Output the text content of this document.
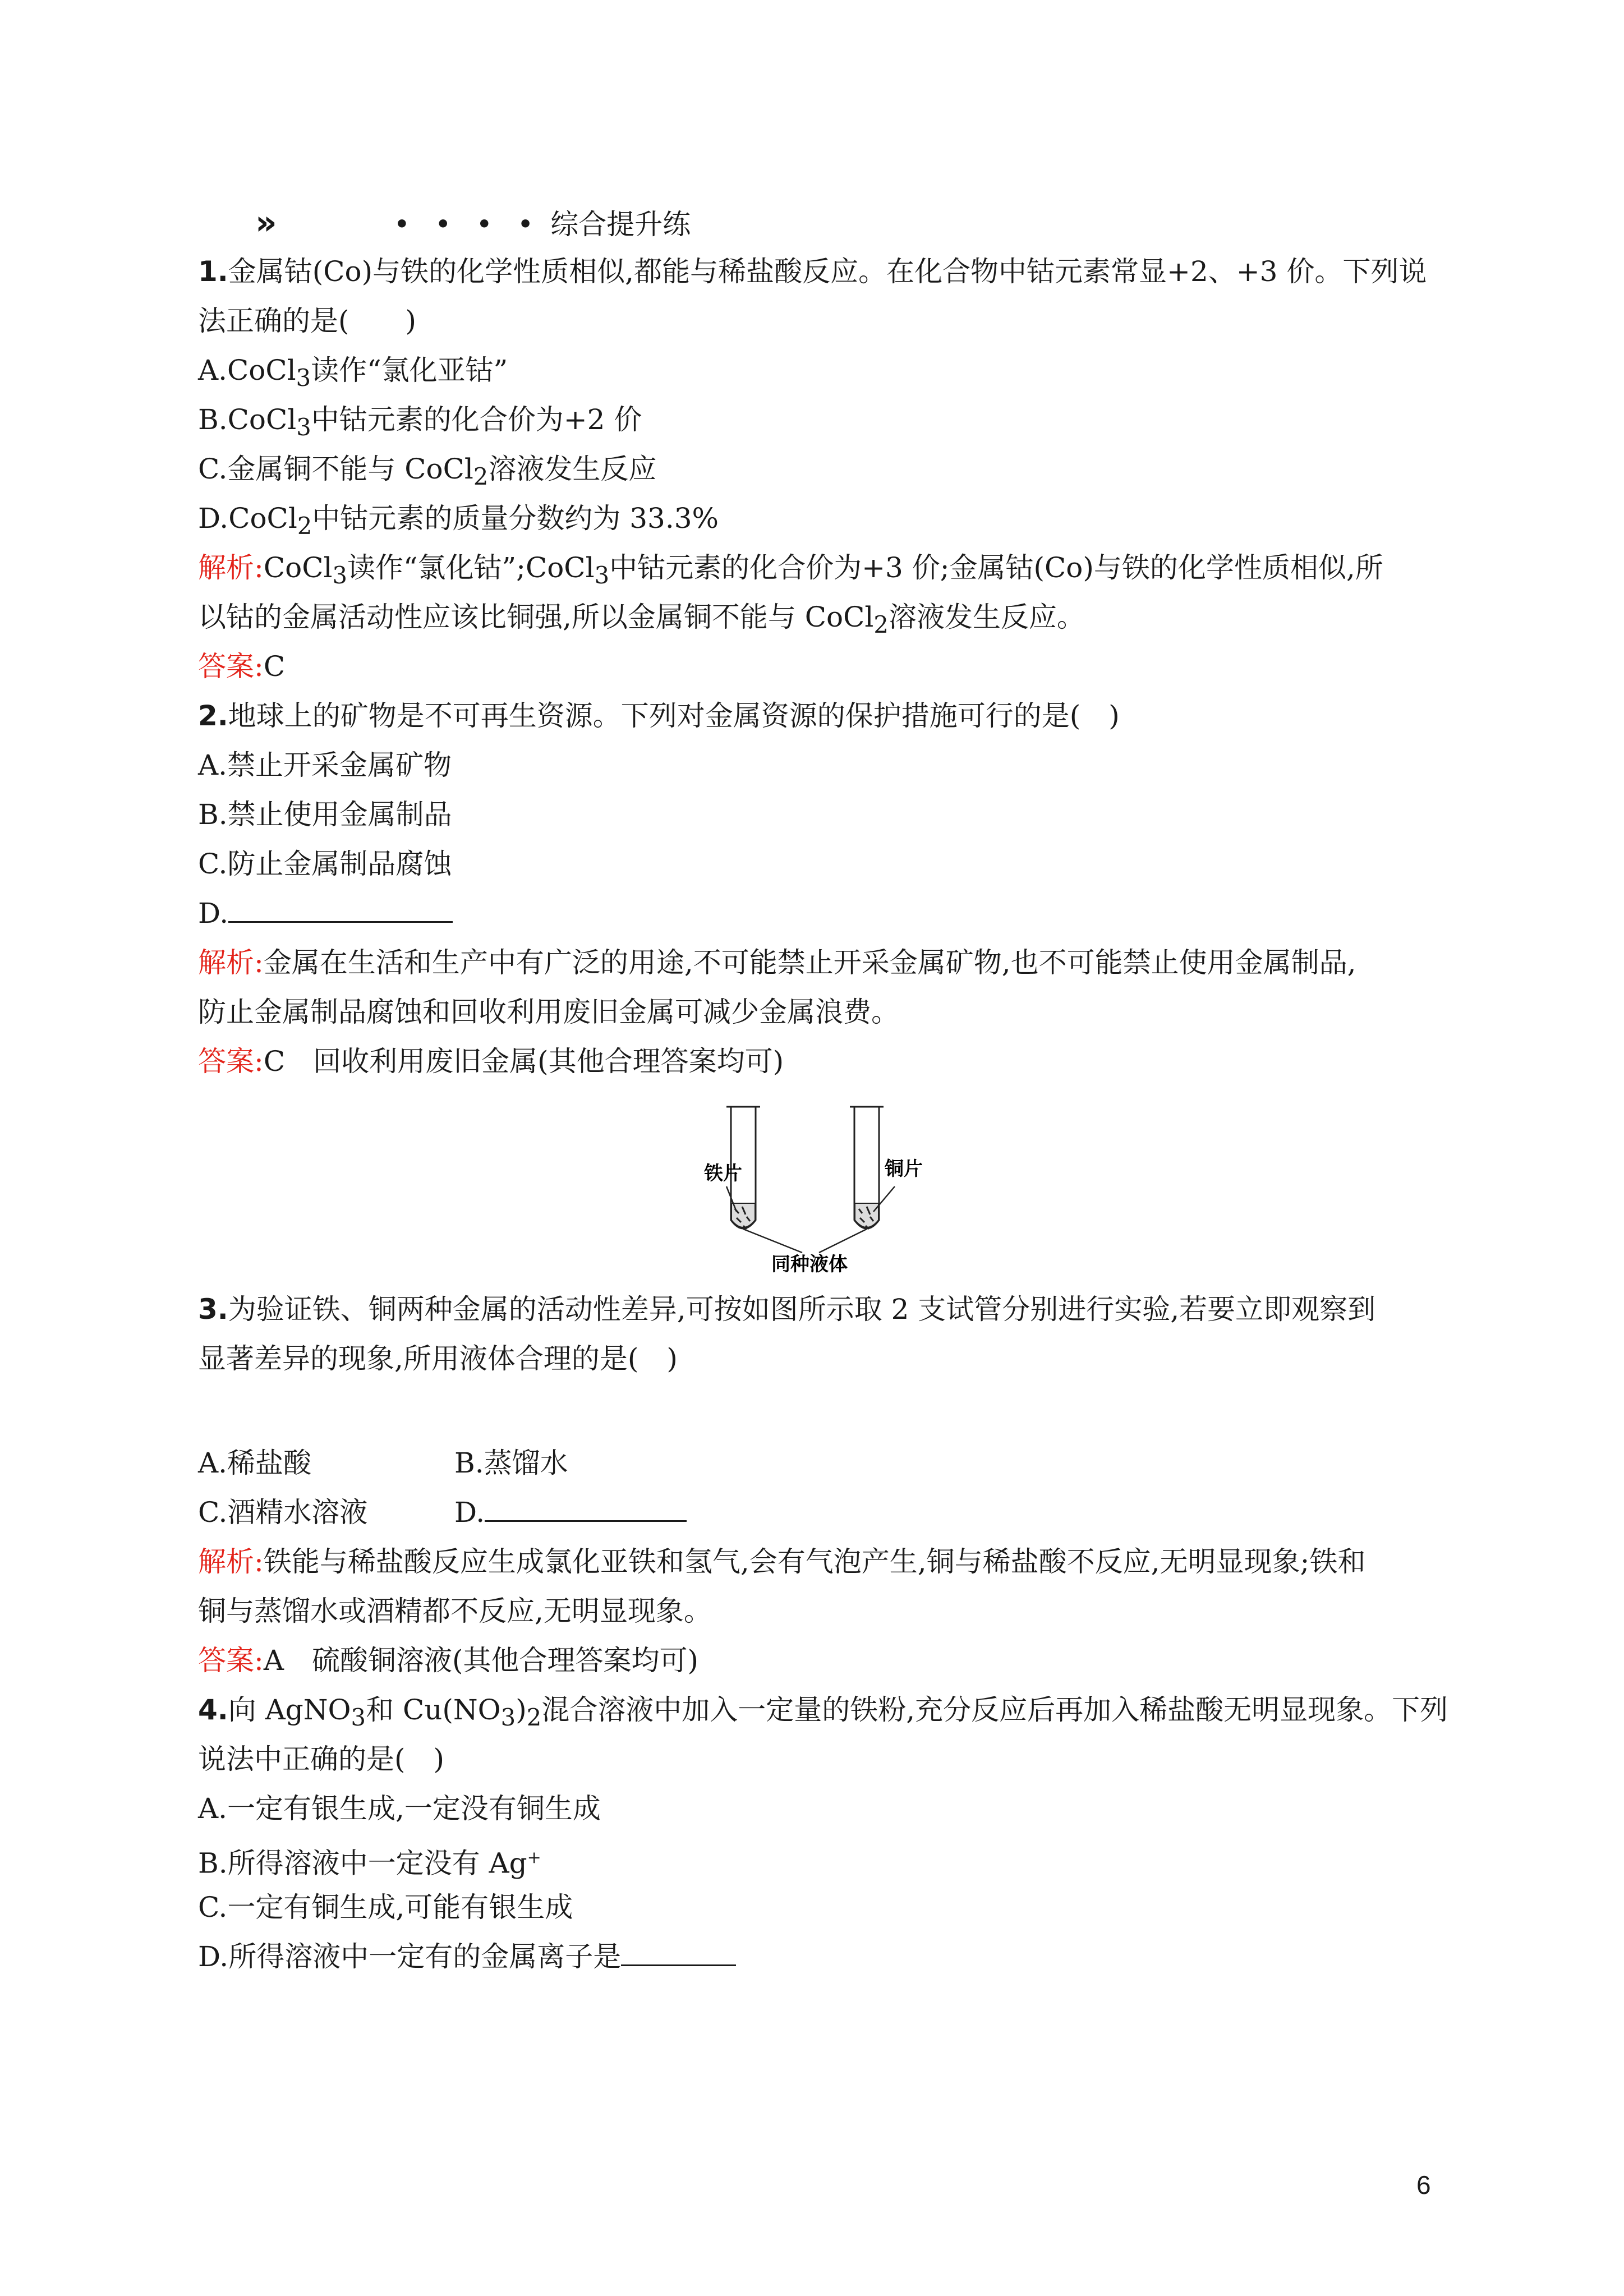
»	• • • • 综合提升练
1.金属钴(Co)与铁的化学性质相似,都能与稀盐酸反应。在化合物中钴元素常显+2、+3 价。下列说
法正确的是(　　)
A.CoCl$_3$读作“氯化亚钴”
B.CoCl$_3$中钴元素的化合价为+2 价
C.金属铜不能与 CoCl$_2$溶液发生反应
D.CoCl$_2$中钴元素的质量分数约为 33.3%
解析:CoCl$_3$读作“氯化钴”;CoCl$_3$中钴元素的化合价为+3 价;金属钴(Co)与铁的化学性质相似,所
以钴的金属活动性应该比铜强,所以金属铜不能与 CoCl$_2$溶液发生反应。
答案:C
2.地球上的矿物是不可再生资源。下列对金属资源的保护措施可行的是(　)
A.禁止开采金属矿物
B.禁止使用金属制品
C.防止金属制品腐蚀
D.
解析:金属在生活和生产中有广泛的用途,不可能禁止开采金属矿物,也不可能禁止使用金属制品,
防止金属制品腐蚀和回收利用废旧金属可减少金属浪费。
答案:C　回收利用废旧金属(其他合理答案均可)
铁片	铜片
同种液体
3.为验证铁、铜两种金属的活动性差异,可按如图所示取 2 支试管分别进行实验,若要立即观察到
显著差异的现象,所用液体合理的是(　)
A.稀盐酸	B.蒸馏水
C.酒精水溶液	D.
解析:铁能与稀盐酸反应生成氯化亚铁和氢气,会有气泡产生,铜与稀盐酸不反应,无明显现象;铁和
铜与蒸馏水或酒精都不反应,无明显现象。
答案:A　硫酸铜溶液(其他合理答案均可)
4.向 AgNO$_3$和 $Cu(NO_3)_2$混合溶液中加入一定量的铁粉,充分反应后再加入稀盐酸无明显现象。下列
说法中正确的是(　)
A.一定有银生成,一定没有铜生成
B.所得溶液中一定没有 Ag+
C.一定有铜生成,可能有银生成
D.所得溶液中一定有的金属离子是
6
